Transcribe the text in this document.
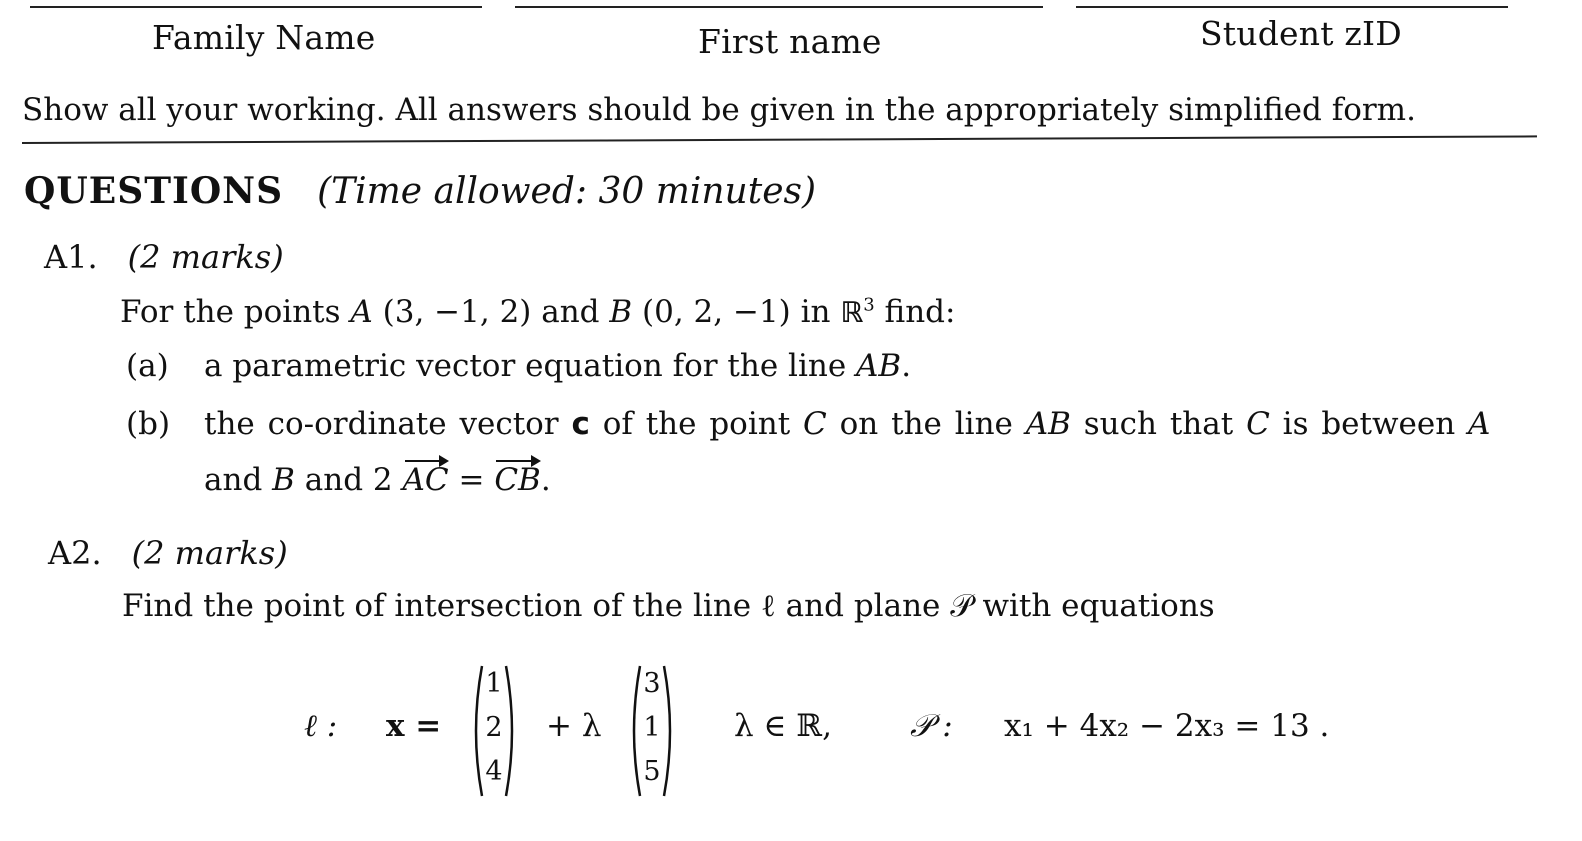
Family Name	First name	Student zID
Show all your working. All answers should be given in the appropriately simplified form.
QUESTIONS (Time allowed: 30 minutes)
A1. (2 marks)
For the points A (3, −1, 2) and B (0, 2, −1) in ℝ$^3$ find:
(a) a parametric vector equation for the line AB.
(b) the co-ordinate vector c of the point C on the line AB such that C is between A
and B and 2 AC = CB.
A2. (2 marks)
Find the point of intersection of the line ℓ and plane 𝒫 with equations
ℓ : x =
1
2
4
+ λ
3
1
5
λ ∈ ℝ,	𝒫 : x₁ + 4x₂ − 2x₃ = 13 .
